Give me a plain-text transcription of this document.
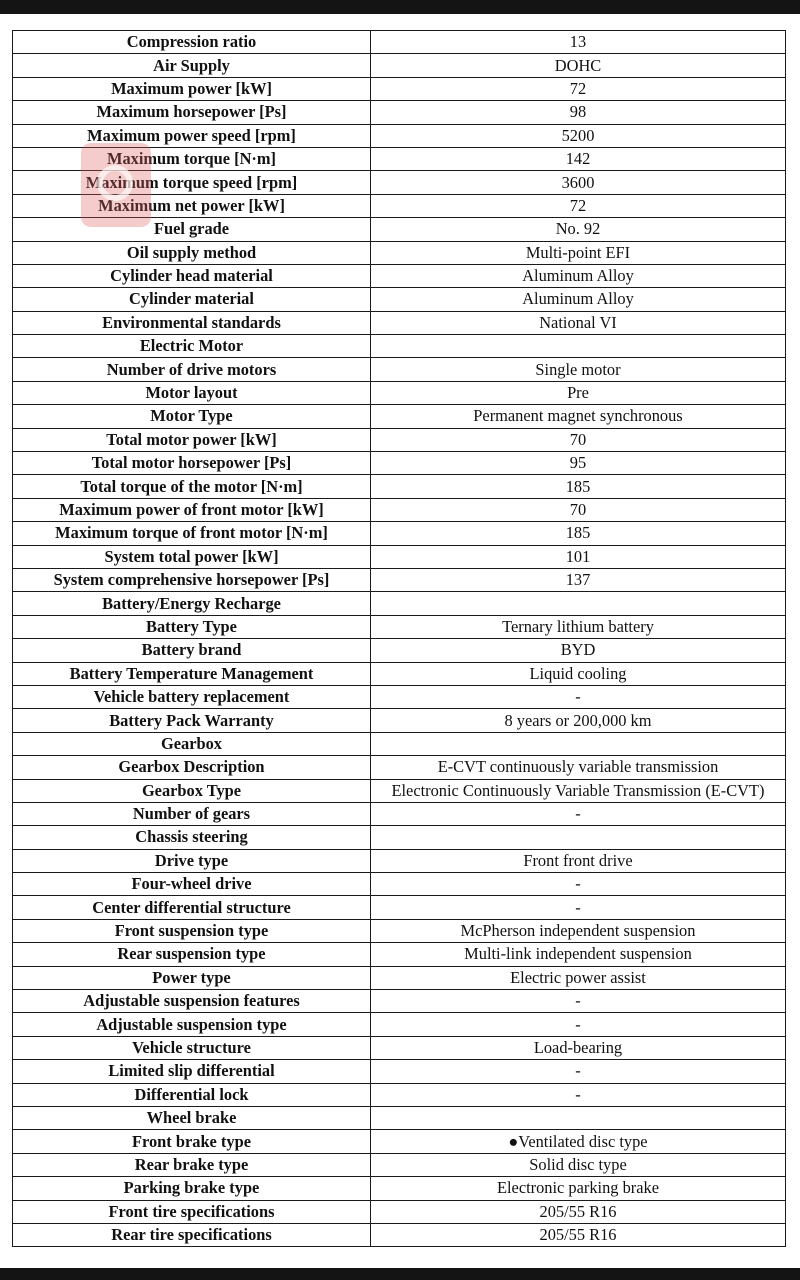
Compression ratio	13
Air Supply	DOHC
Maximum power [kW]	72
Maximum horsepower [Ps]	98
Maximum power speed [rpm]	5200
Maximum torque [N·m]	142
Maximum torque speed [rpm]	3600
Maximum net power [kW]	72
Fuel grade	No. 92
Oil supply method	Multi-point EFI
Cylinder head material	Aluminum Alloy
Cylinder material	Aluminum Alloy
Environmental standards	National VI
Electric Motor	
Number of drive motors	Single motor
Motor layout	Pre
Motor Type	Permanent magnet synchronous
Total motor power [kW]	70
Total motor horsepower [Ps]	95
Total torque of the motor [N·m]	185
Maximum power of front motor [kW]	70
Maximum torque of front motor [N·m]	185
System total power [kW]	101
System comprehensive horsepower [Ps]	137
Battery/Energy Recharge	
Battery Type	Ternary lithium battery
Battery brand	BYD
Battery Temperature Management	Liquid cooling
Vehicle battery replacement	-
Battery Pack Warranty	8 years or 200,000 km
Gearbox	
Gearbox Description	E-CVT continuously variable transmission
Gearbox Type	Electronic Continuously Variable Transmission (E-CVT)
Number of gears	-
Chassis steering	
Drive type	Front front drive
Four-wheel drive	-
Center differential structure	-
Front suspension type	McPherson independent suspension
Rear suspension type	Multi-link independent suspension
Power type	Electric power assist
Adjustable suspension features	-
Adjustable suspension type	-
Vehicle structure	Load-bearing
Limited slip differential	-
Differential lock	-
Wheel brake	
Front brake type	●Ventilated disc type
Rear brake type	Solid disc type
Parking brake type	Electronic parking brake
Front tire specifications	205/55 R16
Rear tire specifications	205/55 R16
